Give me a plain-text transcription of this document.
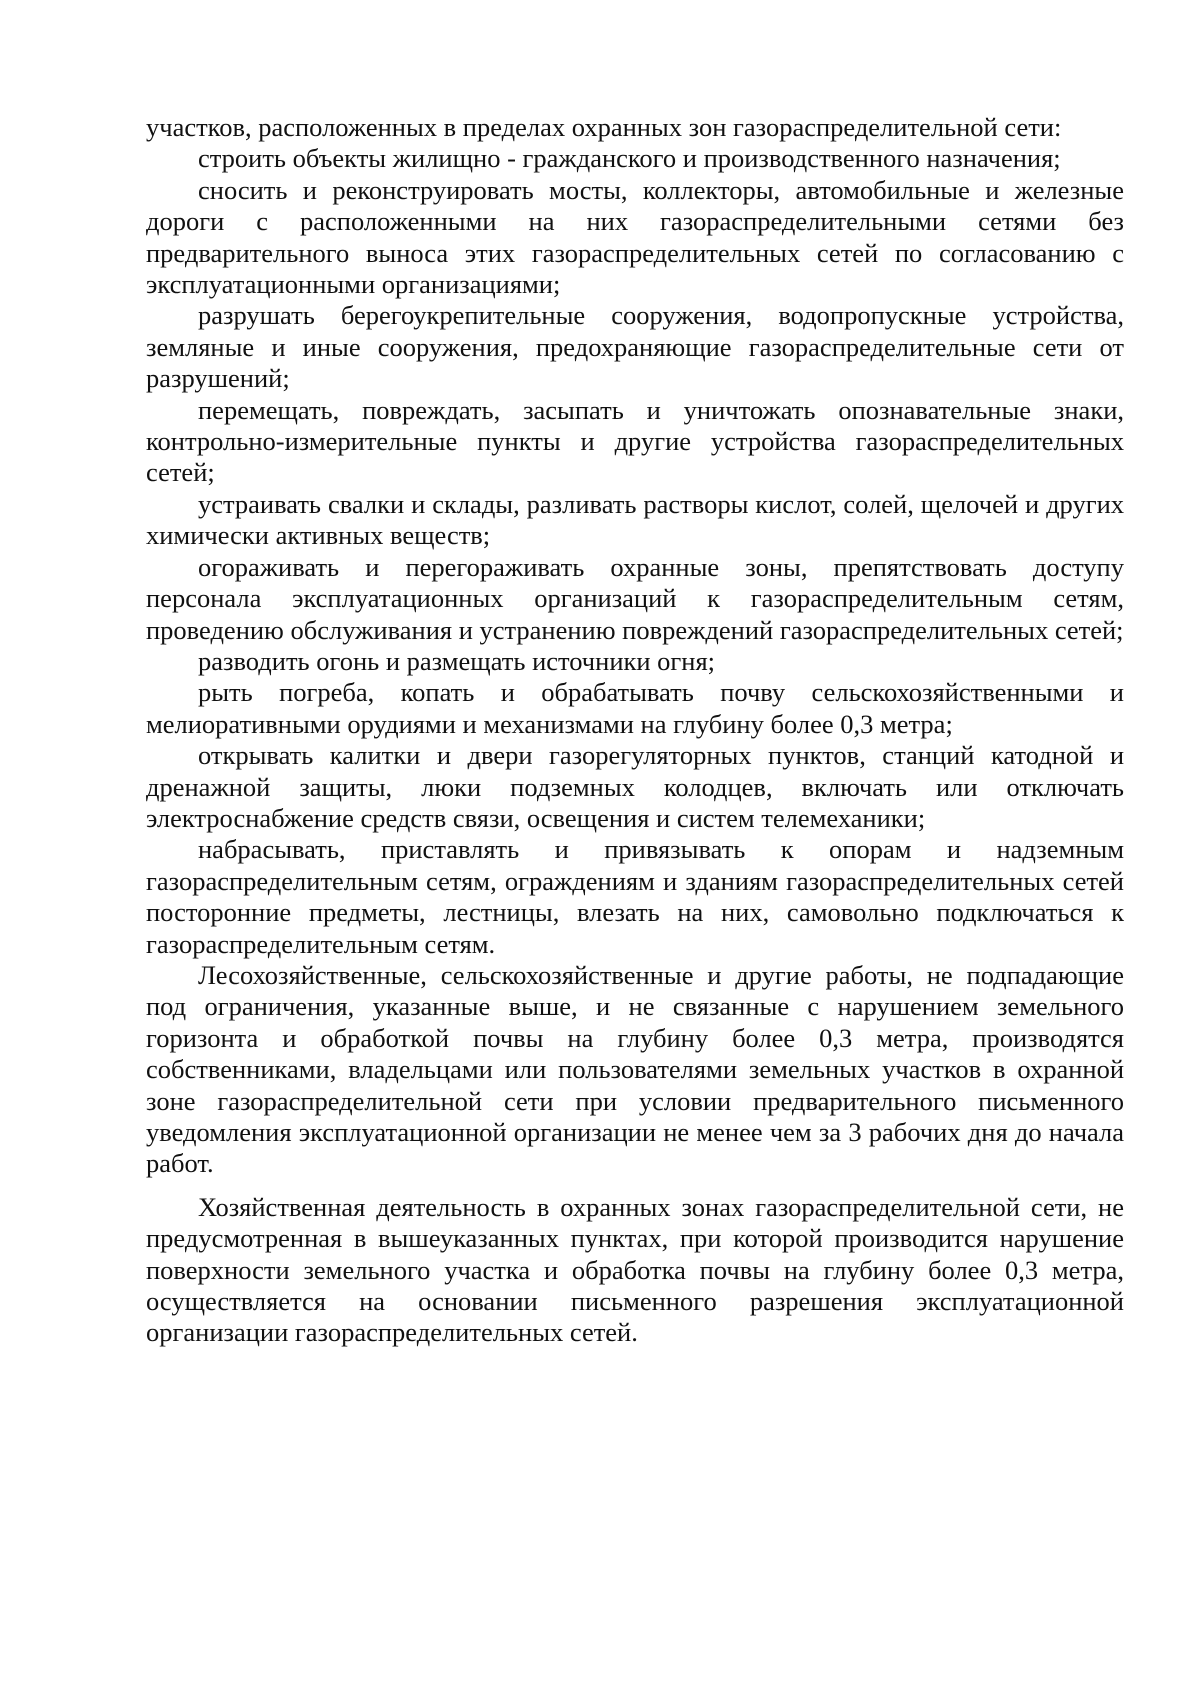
участков, расположенных в пределах охранных зон газораспределительной сети:

строить объекты жилищно - гражданского и производственного назначения;

сносить и реконструировать мосты, коллекторы, автомобильные и железные дороги с расположенными на них газораспределительными сетями без предварительного выноса этих газораспределительных сетей по согласованию с эксплуатационными организациями;

разрушать берегоукрепительные сооружения, водопропускные устройства, земляные и иные сооружения, предохраняющие газораспределительные сети от разрушений;

перемещать, повреждать, засыпать и уничтожать опознавательные знаки, контрольно-измерительные пункты и другие устройства газораспределительных сетей;

устраивать свалки и склады, разливать растворы кислот, солей, щелочей и других химически активных веществ;

огораживать и перегораживать охранные зоны, препятствовать доступу персонала эксплуатационных организаций к газораспределительным сетям, проведению обслуживания и устранению повреждений газораспределительных сетей;

разводить огонь и размещать источники огня;

рыть погреба, копать и обрабатывать почву сельскохозяйственными и мелиоративными орудиями и механизмами на глубину более 0,3 метра;

открывать калитки и двери газорегуляторных пунктов, станций катодной и дренажной защиты, люки подземных колодцев, включать или отключать электроснабжение средств связи, освещения и систем телемеханики;

набрасывать, приставлять и привязывать к опорам и надземным газораспределительным сетям, ограждениям и зданиям газораспределительных сетей посторонние предметы, лестницы, влезать на них, самовольно подключаться к газораспределительным сетям.

Лесохозяйственные, сельскохозяйственные и другие работы, не подпадающие под ограничения, указанные выше, и не связанные с нарушением земельного горизонта и обработкой почвы на глубину более 0,3 метра, производятся собственниками, владельцами или пользователями земельных участков в охранной зоне газораспределительной сети при условии предварительного письменного уведомления эксплуатационной организации не менее чем за 3 рабочих дня до начала работ.

Хозяйственная деятельность в охранных зонах газораспределительной сети, не предусмотренная в вышеуказанных пунктах, при которой производится нарушение поверхности земельного участка и обработка почвы на глубину более 0,3 метра, осуществляется на основании письменного разрешения эксплуатационной организации газораспределительных сетей.
